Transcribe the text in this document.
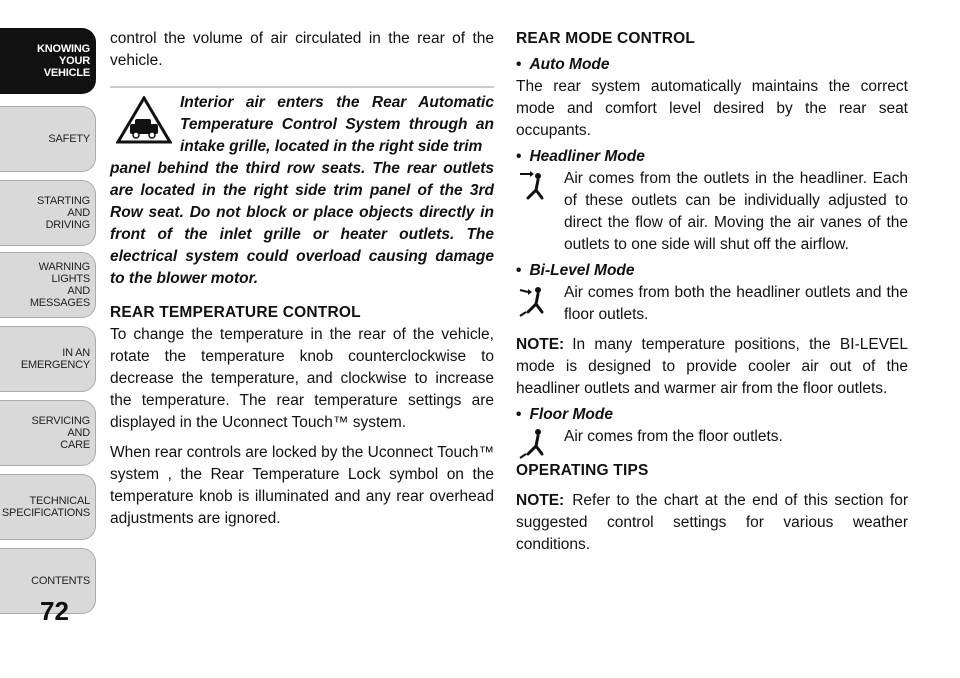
KNOWING
YOUR
VEHICLE
SAFETY
STARTING
AND
DRIVING
WARNING
LIGHTS
AND
MESSAGES
IN AN
EMERGENCY
SERVICING
AND
CARE
TECHNICAL
SPECIFICATIONS
CONTENTS
72

control the volume of air circulated in the rear of the vehicle.

Interior air enters the Rear Automatic Temperature Control System through an intake grille, located in the right side trim
panel behind the third row seats. The rear outlets are located in the right side trim panel of the 3rd Row seat. Do not block or place objects directly in front of the inlet grille or heater outlets. The electrical system could overload causing damage to the blower motor.

REAR TEMPERATURE CONTROL

To change the temperature in the rear of the vehicle, rotate the temperature knob counterclockwise to decrease the temperature, and clockwise to increase the temperature. The rear temperature settings are displayed in the Uconnect Touch™ system.

When rear controls are locked by the Uconnect Touch™ system , the Rear Temperature Lock symbol on the temperature knob is illuminated and any rear overhead adjustments are ignored.

REAR MODE CONTROL

• Auto Mode

The rear system automatically maintains the correct mode and comfort level desired by the rear seat occupants.

• Headliner Mode

Air comes from the outlets in the headliner. Each of these outlets can be individually adjusted to direct the flow of air. Moving the air vanes of the outlets to one side will shut off the airflow.

• Bi-Level Mode

Air comes from both the headliner outlets and the floor outlets.

NOTE: In many temperature positions, the BI-LEVEL mode is designed to provide cooler air out of the headliner outlets and warmer air from the floor outlets.

• Floor Mode

Air comes from the floor outlets.

OPERATING TIPS

NOTE: Refer to the chart at the end of this section for suggested control settings for various weather conditions.
